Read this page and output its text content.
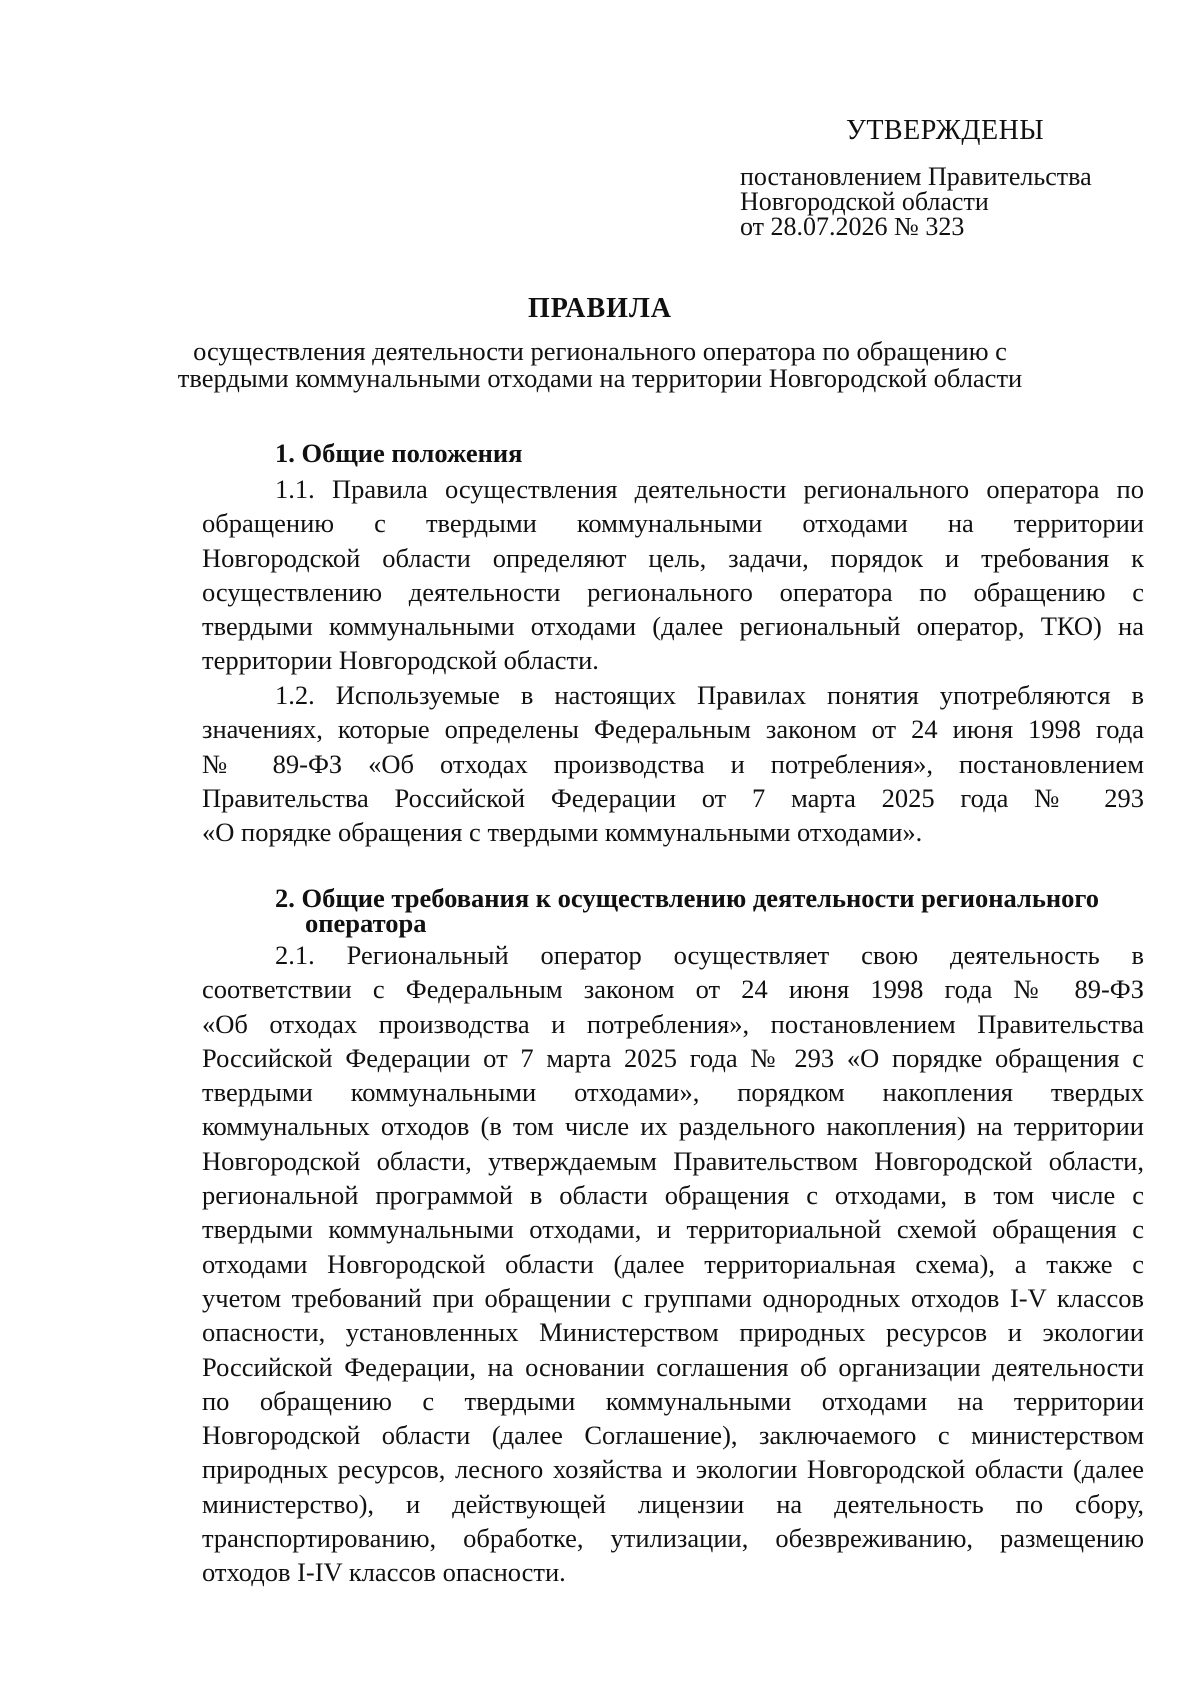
УТВЕРЖДЕНЫ
постановлением Правительства
Новгородской области
от 28.07.2026 № 323
ПРАВИЛА
осуществления деятельности регионального оператора по обращению с
твердыми коммунальными отходами на территории Новгородской области
1. Общие положения
1.1. Правила осуществления деятельности регионального оператора по
обращению с твердыми коммунальными отходами на территории
Новгородской области определяют цель, задачи, порядок и требования к
осуществлению деятельности регионального оператора по обращению с
твердыми коммунальными отходами (далее региональный оператор, ТКО) на
территории Новгородской области.
1.2. Используемые в настоящих Правилах понятия употребляются в
значениях, которые определены Федеральным законом от 24 июня 1998 года
№ 89-ФЗ «Об отходах производства и потребления», постановлением
Правительства Российской Федерации от 7 марта 2025 года № 293
«О порядке обращения с твердыми коммунальными отходами».
2. Общие требования к осуществлению деятельности регионального
оператора
2.1. Региональный оператор осуществляет свою деятельность в
соответствии с Федеральным законом от 24 июня 1998 года № 89-ФЗ
«Об отходах производства и потребления», постановлением Правительства
Российской Федерации от 7 марта 2025 года № 293 «О порядке обращения с
твердыми коммунальными отходами», порядком накопления твердых
коммунальных отходов (в том числе их раздельного накопления) на территории
Новгородской области, утверждаемым Правительством Новгородской области,
региональной программой в области обращения с отходами, в том числе с
твердыми коммунальными отходами, и территориальной схемой обращения с
отходами Новгородской области (далее территориальная схема), а также с
учетом требований при обращении с группами однородных отходов I-V классов
опасности, установленных Министерством природных ресурсов и экологии
Российской Федерации, на основании соглашения об организации деятельности
по обращению с твердыми коммунальными отходами на территории
Новгородской области (далее Соглашение), заключаемого с министерством
природных ресурсов, лесного хозяйства и экологии Новгородской области (далее
министерство), и действующей лицензии на деятельность по сбору,
транспортированию, обработке, утилизации, обезвреживанию, размещению
отходов I-IV классов опасности.
